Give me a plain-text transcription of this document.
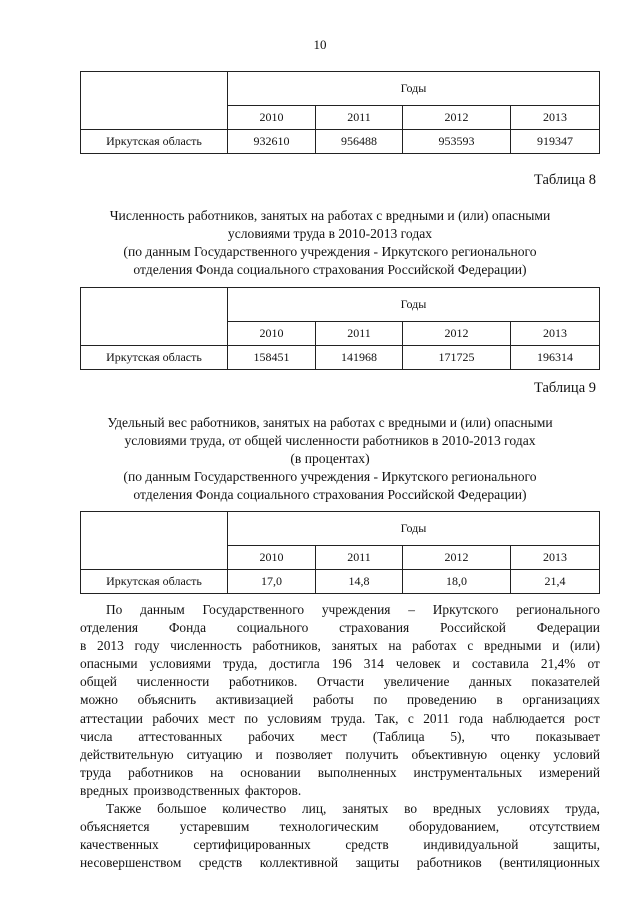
10
	Годы			
	2010	2011	2012	2013
Иркутская область	932610	956488	953593	919347
Таблица 8
Численность работников, занятых на работах с вредными и (или) опасными
условиями труда в 2010-2013 годах
(по данным Государственного учреждения - Иркутского регионального
отделения Фонда социального страхования Российской Федерации)
	Годы			
	2010	2011	2012	2013
Иркутская область	158451	141968	171725	196314
Таблица 9
Удельный вес работников, занятых на работах с вредными и (или) опасными
условиями труда, от общей численности работников в 2010-2013 годах
(в процентах)
(по данным Государственного учреждения - Иркутского регионального
отделения Фонда социального страхования Российской Федерации)
	Годы			
	2010	2011	2012	2013
Иркутская область	17,0	14,8	18,0	21,4
По данным Государственного учреждения – Иркутского регионального
отделения Фонда социального страхования Российской Федерации
в 2013 году численность работников, занятых на работах с вредными и (или)
опасными условиями труда, достигла 196 314 человек и составила 21,4% от
общей численности работников. Отчасти увеличение данных показателей
можно объяснить активизацией работы по проведению в организациях
аттестации рабочих мест по условиям труда. Так, с 2011 года наблюдается рост
числа аттестованных рабочих мест (Таблица 5), что показывает
действительную ситуацию и позволяет получить объективную оценку условий
труда работников на основании выполненных инструментальных измерений
вредных производственных факторов.
Также большое количество лиц, занятых во вредных условиях труда,
объясняется устаревшим технологическим оборудованием, отсутствием
качественных	сертифицированных	средств	индивидуальной	защиты,
несовершенством средств коллективной защиты работников (вентиляционных
